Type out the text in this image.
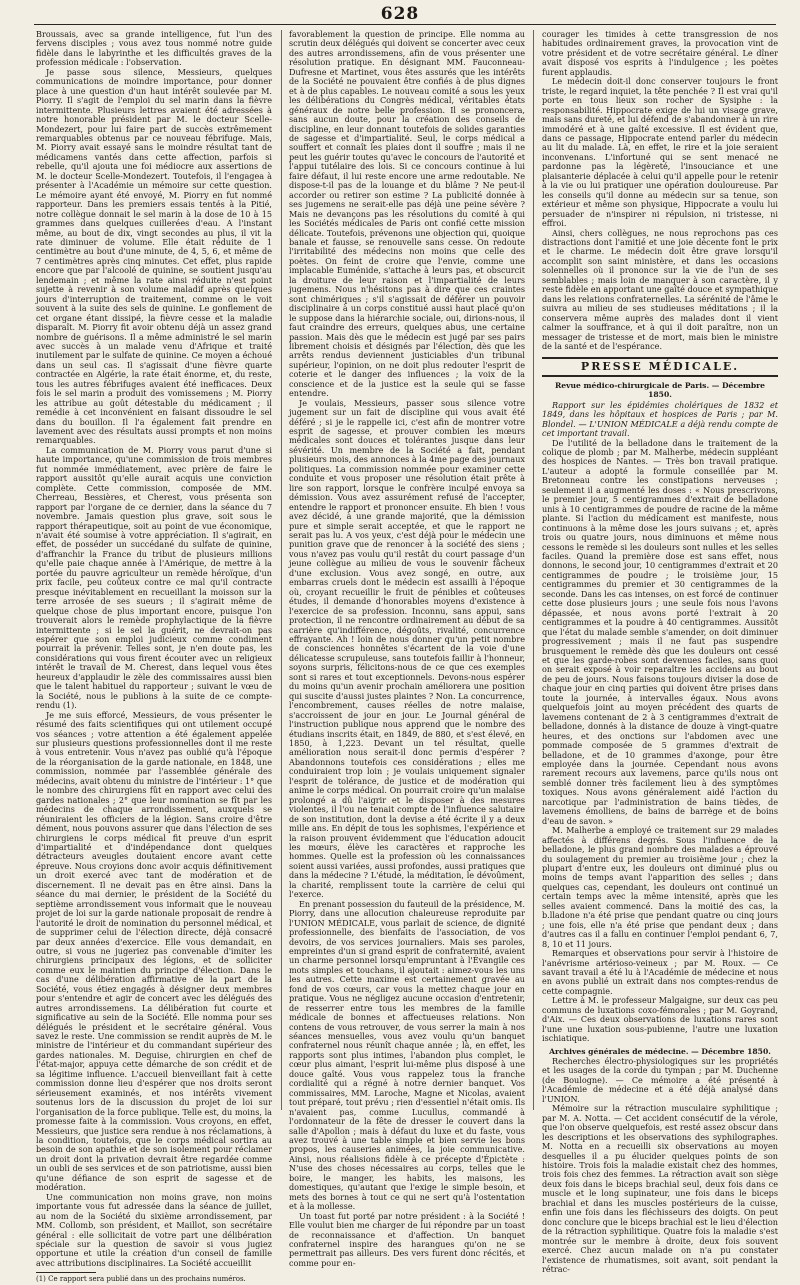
628

Broussais, avec sa grande intelligence, fut l'un des fervens disciples ; vous avez tous nommé notre guide fidèle dans le labyrinthe et les difficultés graves de la profession médicale : l'observation.

Je passe sous silence, Messieurs, quelques communications de moindre importance, pour donner place à une question d'un haut intérêt soulevée par M. Piorry. Il s'agit de l'emploi du sel marin dans la fièvre intermittente. Plusieurs lettres avaient été adressées à notre honorable président par M. le docteur Scelle-Mondezert, pour lui faire part de succès extrêmement remarquables obtenus par ce nouveau fébrifuge. Mais, M. Piorry avait essayé sans le moindre résultat tant de médicamens vantés dans cette affection, parfois si rebelle, qu'il ajouta une foi médiocre aux assertions de M. le docteur Scelle-Mondezert. Toutefois, il l'engagea à présenter à l'Académie un mémoire sur cette question. Le mémoire ayant été envoyé, M. Piorry en fut nommé rapporteur. Dans les premiers essais tentés à la Pitié, notre collègue donnait le sel marin à la dose de 10 à 15 grammes dans quelques cuillerées d'eau. A l'instant même, au bout de dix, vingt secondes au plus, il vit la rate diminuer de volume. Elle était réduite de 1 centimètre au bout d'une minute, de 4, 5, 6, et même de 7 centimètres après cinq minutes. Cet effet, plus rapide encore que par l'alcoolé de quinine, se soutient jusqu'au lendemain ; et même la rate ainsi réduite n'est point sujette à revenir à son volume maladif après quelques jours d'interruption de traitement, comme on le voit souvent à la suite des sels de quinine. Le gonflement de cet organe étant dissipé, la fièvre cesse et la maladie disparaît. M. Piorry fit avoir obtenu déjà un assez grand nombre de guérisons. Il a même administré le sel marin avec succès à un malade venu d'Afrique et traité inutilement par le sulfate de quinine. Ce moyen a échoué dans un seul cas. Il s'agissait d'une fièvre quarte contractée en Algérie, la rate était énorme, et, du reste, tous les autres fébrifuges avaient été inefficaces. Deux fois le sel marin a produit des vomissemens ; M. Piorry les attribue au goût détestable du médicament ; il remédie à cet inconvénient en faisant dissoudre le sel dans du bouillon. Il l'a également fait prendre en lavement avec des résultats aussi prompts et non moins remarquables.

La communication de M. Piorry vous parut d'une si haute importance, qu'une commission de trois membres fut nommée immédiatement, avec prière de faire le rapport aussitôt qu'elle aurait acquis une conviction complète. Cette commission, composée de MM. Cherreau, Bessières, et Cherest, vous présenta son rapport par l'organe de ce dernier, dans la séance du 7 novembre. Jamais question plus grave, soit sous le rapport thérapeutique, soit au point de vue économique, n'avait été soumise à votre appréciation. Il s'agirait, en effet, de posséder un succédané du sulfate de quinine, d'affranchir la France du tribut de plusieurs millions qu'elle paie chaque année à l'Amérique, de mettre à la portée du pauvre agriculteur un remède héroïque, d'un prix facile, peu coûteux contre ce mal qu'il contracte presque inévitablement en recueillant la moisson sur la terre arrosée de ses sueurs ; il s'agirait même de quelque chose de plus important encore, puisque l'on trouverait alors le remède prophylactique de la fièvre intermittente ; si le sel la guérit, ne devrait-on pas espérer que son emploi judicieux comme condiment pourrait la prévenir. Telles sont, je n'en doute pas, les considérations qui vous firent écouter avec un religieux intérêt le travail de M. Cherest, dans lequel vous êtes heureux d'applaudir le zèle des commissaires aussi bien que le talent habituel du rapporteur ; suivant le vœu de la Société, nous le publions à la suite de ce compte-rendu (1).

Je me suis efforcé, Messieurs, de vous présenter le résumé des faits scientifiques qui ont utilement occupé vos séances ; votre attention a été également appelée sur plusieurs questions professionnelles dont il me reste à vous entretenir. Vous n'avez pas oublié qu'à l'époque de la réorganisation de la garde nationale, en 1848, une commission, nommée par l'assemblée générale des médecins, avait obtenu du ministre de l'intérieur : 1° que le nombre des chirurgiens fût en rapport avec celui des gardes nationales ; 2° que leur nomination se fît par les médecins de chaque arrondissement, auxquels se réuniraient les officiers de la légion. Sans croire d'être dément, nous pouvons assurer que dans l'élection de ses chirurgiens le corps médical fit preuve d'un esprit d'impartialité et d'indépendance dont quelques détracteurs aveugles doutaient encore avant cette épreuve. Nous croyions donc avoir acquis définitivement un droit exercé avec tant de modération et de discernement. Il ne devait pas en être ainsi. Dans la séance du mai dernier, le président de la Société du septième arrondissement vous informait que le nouveau projet de loi sur la garde nationale proposait de rendre à l'autorité le droit de nomination du personnel médical, et de supprimer celui de l'élection directe, déjà consacré par deux années d'exercice. Elle vous demandait, en outre, si vous ne jugeriez pas convenable d'imiter les chirurgiens principaux des légions, et de solliciter comme eux le maintien du principe d'élection. Dans le cas d'une délibération affirmative de la part de la Société, vous étiez engagés à désigner deux membres pour s'entendre et agir de concert avec les délégués des autres arrondissemens. La délibération fut courte et significative au sein de la Société. Elle nomma pour ses délégués le président et le secrétaire général. Vous savez le reste. Une commission se rendit auprès de M. le ministre de l'intérieur et du commandant supérieur des gardes nationales. M. Deguise, chirurgien en chef de l'état-major, appuya cette démarche de son crédit et de sa légitime influence. L'accueil bienveillant fait à cette commission donne lieu d'espérer que nos droits seront sérieusement examinés, et nos intérêts vivement soutenus lors de la discussion du projet de loi sur l'organisation de la force publique. Telle est, du moins, la promesse faite à la commission. Vous croyons, en effet, Messieurs, que justice sera rendue à nos réclamations, à la condition, toutefois, que le corps médical sortira au besoin de son apathie et de son isolement pour réclamer un droit dont la privation devrait être regardée comme un oubli de ses services et de son patriotisme, aussi bien qu'une défiance de son esprit de sagesse et de modération.

Une communication non moins grave, non moins importante vous fut adressée dans la séance de juillet, au nom de la Société du sixième arrondissement, par MM. Collomb, son président, et Maillot, son secrétaire général : elle sollicitait de votre part une délibération spéciale sur la question de savoir si vous jugiez opportune et utile la création d'un conseil de famille avec attributions disciplinaires. La Société accueillit

(1) Ce rapport sera publié dans un des prochains numéros.

favorablement la question de principe. Elle nomma au scrutin deux délégués qui doivent se concerter avec ceux des autres arrondissemens, afin de vous présenter une résolution pratique. En désignant MM. Fauconneau-Dufresne et Martinet, vous êtes assurés que les intérêts de la Société ne pouvaient être confiés à de plus dignes et à de plus capables. Le nouveau comité a sous les yeux les délibérations du Congrès médical, véritables états généraux de notre belle profession. Il se prononcera, sans aucun doute, pour la création des conseils de discipline, en leur donnant toutefois de solides garanties de sagesse et d'impartialité. Seul, le corps médical a souffert et connaît les plaies dont il souffre ; mais il ne peut les guérir toutes qu'avec le concours de l'autorité et l'appui tutélaire des lois. Si ce concours continue à lui faire défaut, il lui reste encore une arme redoutable. Ne dispose-t-il pas de la louange et du blâme ? Ne peut-il accorder ou retirer son estime ? La publicité donnée à ses jugemens ne serait-elle pas déjà une peine sévère ? Mais ne devançons pas les résolutions du comité à qui les Sociétés médicales de Paris ont confié cette mission délicate. Toutefois, prévenons une objection qui, quoique banale et fausse, se renouvelle sans cesse. On redoute l'irritabilité des médecins non moins que celle des poètes. On feint de croire que l'envie, comme une implacable Euménide, s'attache à leurs pas, et obscurcit la droiture de leur raison et l'impartialité de leurs jugemens. Nous n'hésitons pas à dire que ces craintes sont chimériques ; s'il s'agissait de déférer un pouvoir disciplinaire à un corps constitué aussi haut placé qu'on le suppose dans la hiérarchie sociale, oui, dirions-nous, il faut craindre des erreurs, quelques abus, une certaine passion. Mais dès que le médecin est jugé par ses pairs librement choisis et désignés par l'élection, dès que les arrêts rendus deviennent justiciables d'un tribunal supérieur, l'opinion, on ne doit plus redouter l'esprit de coterie et le danger des influences ; la voix de la conscience et de la justice est la seule qui se fasse entendre.

Je voulais, Messieurs, passer sous silence votre jugement sur un fait de discipline qui vous avait été déféré ; si je le rappelle ici, c'est afin de montrer votre esprit de sagesse, et prouver combien les mœurs médicales sont douces et tolérantes jusque dans leur sévérité. Un membre de la Société a fait, pendant plusieurs mois, des annonces à la 4me page des journaux politiques. La commission nommée pour examiner cette conduite et vous proposer une résolution était prête à lire son rapport, lorsque le confrère inculpé envoya sa démission. Vous avez assurément refusé de l'accepter, entendre le rapport et prononcer ensuite. Eh bien ! vous avez décidé, à une grande majorité, que la démission pure et simple serait acceptée, et que le rapport ne serait pas lu. A vos yeux, c'est déjà pour le médecin une punition grave que de renoncer à la société des siens ; vous n'avez pas voulu qu'il restât du court passage d'un jeune collègue au milieu de vous le souvenir fâcheux d'une exclusion. Vous avez songé, en outre, aux embarras cruels dont le médecin est assailli à l'époque où, croyant recueillir le fruit de pénibles et coûteuses études, il demande d'honorables moyens d'existence à l'exercice de sa profession. Inconnu, sans appui, sans protection, il ne rencontre ordinairement au début de sa carrière qu'indifférence, dégoûts, rivalité, concurrence effrayante. Ah ! loin de nous donner qu'un petit nombre de consciences honnêtes s'écartent de la voie d'une délicatesse scrupuleuse, sans toutefois faillir à l'honneur, soyons surpris, félicitons-nous de ce que ces exemples sont si rares et tout exceptionnels. Devons-nous espérer du moins qu'un avenir prochain améliorera une position qui suscite d'aussi justes plaintes ? Non. La concurrence, l'encombrement, causes réelles de notre malaise, s'accroissent de jour en jour. Le Journal général de l'instruction publique nous apprend que le nombre des étudians inscrits était, en 1849, de 880, et s'est élevé, en 1850, à 1,223. Devant un tel résultat, quelle amélioration nous serait-il donc permis d'espérer ? Abandonnons toutefois ces considérations ; elles me conduiraient trop loin ; je voulais uniquement signaler l'esprit de tolérance, de justice et de modération qui anime le corps médical. On pourrait croire qu'un malaise prolongé a dû l'aigrir et le disposer à des mesures violentes, il l'ou ne tenait compte de l'influence salutaire de son institution, dont la devise a été écrite il y a deux mille ans. En dépit de tous les sophismes, l'expérience et la raison prouvent évidemment que l'éducation adoucit les mœurs, élève les caractères et rapproche les hommes. Quelle est la profession où les connaissances soient aussi variées, aussi profondes, aussi pratiques que dans la médecine ? L'étude, la méditation, le dévoûment, la charité, remplissent toute la carrière de celui qui l'exerce.

En prenant possession du fauteuil de la présidence, M. Piorry, dans une allocution chaleureuse reproduite par l'UNION MÉDICALE, vous parlait de science, de dignité professionnelle, des bienfaits de l'association, de vos devoirs, de vos services journaliers. Mais ses paroles, empreintes d'un si grand esprit de confraternité, avaient un charme personnel lorsqu'empruntant à l'Évangile ces mots simples et touchans, il ajoutait : aimez-vous les uns les autres. Cette maxime est certainement gravée au fond de vos cœurs, car vous la mettez chaque jour en pratique. Vous ne négligez aucune occasion d'entretenir, de resserrer entre tous les membres de la famille médicale de bonnes et affectueuses relations. Non contens de vous retrouver, de vous serrer la main à nos séances mensuelles, vous avez voulu qu'un banquet confraternel nous réunît chaque année ; là, en effet, les rapports sont plus intimes, l'abandon plus complet, le cœur plus aimant, l'esprit lui-même plus disposé à une douce gaîté. Vous vous rappelez tous la franche cordialité qui a régné à notre dernier banquet. Vos commissaires, MM. Laroche, Magne et Nicolas, avaient tout préparé, tout prévu ; rien d'essentiel n'était omis. Ils n'avaient pas, comme Lucullus, commandé à l'ordonnateur de la fête de dresser le couvert dans la salle d'Apollon ; mais à défaut du luxe et du faste, vous avez trouvé à une table simple et bien servie les bons propos, les causeries animées, la joie communicative. Ainsi, nous réalisions fidèle à ce précepte d'Épictète : N'use des choses nécessaires au corps, telles que le boire, le manger, les habits, les maisons, les domestiques, qu'autant que l'exige le simple besoin, et mets des bornes à tout ce qui ne sert qu'à l'ostentation et à la mollesse.

Un toast fut porté par notre président : à la Société ! Elle voulut bien me charger de lui répondre par un toast de reconnaissance et d'affection. Un banquet confraternel inspire des harangues qu'on ne se permettrait pas ailleurs. Des vers furent donc récités, et comme pour en-

courager les timides à cette transgression de nos habitudes ordinairement graves, la provocation vint de votre président et de votre secrétaire général. Le dîner avait disposé vos esprits à l'indulgence ; les poètes furent applaudis.

Le médecin doit-il donc conserver toujours le front triste, le regard inquiet, la tête penchée ? Il est vrai qu'il porte en tous lieux son rocher de Sysiphe : la responsabilité. Hippocrate exige de lui un visage grave, mais sans dureté, et lui défend de s'abandonner à un rire immodéré et à une gaîté excessive. Il est évident que, dans ce passage, Hippocrate entend parler du médecin au lit du malade. Là, en effet, le rire et la joie seraient inconvenans. L'infortuné qui se sent menacé ne pardonne pas la légèreté, l'insouciance et une plaisanterie déplacée à celui qu'il appelle pour le retenir à la vie ou lui pratiquer une opération douloureuse. Par les conseils qu'il donne au médecin sur sa tenue, son extérieur et même son physique, Hippocrate a voulu lui persuader de n'inspirer ni répulsion, ni tristesse, ni effroi.

Ainsi, chers collègues, ne nous reprochons pas ces distractions dont l'amitié et une joie décente font le prix et le charme. Le médecin doit être grave lorsqu'il accomplit son saint ministère, et dans les occasions solennelles où il prononce sur la vie de l'un de ses semblables ; mais loin de manquer à son caractère, il y reste fidèle en apportant une gaîté douce et sympathique dans les relations confraternelles. La sérénité de l'âme le suivra au milieu de ses studieuses méditations ; il la conservera même auprès des malades dont il vient calmer la souffrance, et à qui il doit paraître, non un messager de tristesse et de mort, mais bien le ministre de la santé et de l'espérance.

PRESSE MÉDICALE.

Revue médico-chirurgicale de Paris. — Décembre 1850.

Rapport sur les épidémies cholériques de 1832 et 1849, dans les hôpitaux et hospices de Paris ; par M. Blondel. — L'UNION MÉDICALE a déjà rendu compte de cet important travail.

De l'utilité de la belladone dans le traitement de la colique de plomb ; par M. Malherbe, médecin suppléant des hospices de Nantes. — Très bon travail pratique. L'auteur a adopté la formule conseillée par M. Bretonneau contre les constipations nerveuses ; seulement il a augmenté les doses : « Nous prescrivons, le premier jour, 5 centigrammes d'extrait de belladone unis à 10 centigrammes de poudre de racine de la même plante. Si l'action du médicament est manifeste, nous continuons à la même dose les jours suivans ; et, après trois ou quatre jours, nous diminuons et même nous cessons le remède si les douleurs sont nulles et les selles faciles. Quand la première dose est sans effet, nous donnons, le second jour, 10 centigrammes d'extrait et 20 centigrammes de poudre ; le troisième jour, 15 centigrammes du premier et 30 centigrammes de la seconde. Dans les cas intenses, on est forcé de continuer cette dose plusieurs jours ; une seule fois nous l'avons dépassée, et nous avons porté l'extrait à 20 centigrammes et la poudre à 40 centigrammes. Aussitôt que l'état du malade semble s'amender, on doit diminuer progressivement ; mais il ne faut pas suspendre brusquement le remède dès que les douleurs ont cessé et que les garde-robes sont devenues faciles, sans quoi on serait exposé à voir reparaître les accidens au bout de peu de jours. Nous faisons toujours diviser la dose de chaque jour en cinq parties qui doivent être prises dans toute la journée, à intervalles égaux. Nous avons quelquefois joint au moyen précédent des quarts de lavemens contenant de 2 à 3 centigrammes d'extrait de belladone, donnés à la distance de douze à vingt-quatre heures, et des onctions sur l'abdomen avec une pommade composée de 5 grammes d'extrait de belladone, et de 10 grammes d'axonge, pour être employée dans la journée. Cependant nous avons rarement recours aux lavemens, parce qu'ils nous ont semblé donner très facilement lieu à des symptômes toxiques. Nous avons généralement aidé l'action du narcotique par l'administration de bains tièdes, de lavemens émolliens, de bains de barrège et de boins d'eau de savon. »

M. Malherbe a employé ce traitement sur 29 malades affectés à différens degrés. Sous l'influence de la belladone, le plus grand nombre des malades a éprouvé du soulagement du premier au troisième jour ; chez la plupart d'entre eux, les douleurs ont diminué plus ou moins de temps avant l'apparition des selles ; dans quelques cas, cependant, les douleurs ont continué un certain temps avec la même intensité, après que les selles avaient commencé. Dans la moitié des cas, la b.lladone n'a été prise que pendant quatre ou cinq jours ; une fois, elle n'a été prise que pendant deux ; dans d'autres cas il a fallu en continuer l'emploi pendant 6, 7, 8, 10 et 11 jours.

Remarques et observations pour servir à l'histoire de l'anévrisme artérioso-veineux ; par M. Roux. — Ce savant travail a été lu à l'Académie de médecine et nous en avons publié un extrait dans nos comptes-rendus de cette compagnie.

Lettre à M. le professeur Malgaigne, sur deux cas peu communs de luxations coxo-fémorales ; par M. Goyrand, d'Aix. — Ces deux observations de luxations rares sont l'une une luxation sous-pubienne, l'autre une luxation ischiatique.

Archives générales de médecine. — Décembre 1850.

Recherches électro-physiologiques sur les propriétés et les usages de la corde du tympan ; par M. Duchenne (de Boulogne). — Ce mémoire a été présenté à l'Académie de médecine et a été déjà analysé dans l'UNION.

Mémoire sur la rétraction musculaire syphilitique ; par M. A. Notta. — Cet accident consécutif de la vérole, que l'on observe quelquefois, est resté assez obscur dans les descriptions et les observations des syphilographes. M. Notta en a recueilli six observations au moyen desquelles il a pu élucider quelques points de son histoire. Trois fois la maladie existait chez des hommes, trois fois chez des femmes. La rétraction avait son siège deux fois dans le biceps brachial seul, deux fois dans ce muscle et le long supinateur, une fois dans le biceps brachial et dans les muscles postérieurs de la cuisse, enfin une fois dans les fléchisseurs des doigts. On peut donc conclure que le biceps brachial est le lieu d'élection de la rétraction syphilitique. Quatre fois la maladie s'est montrée sur le membre à droite, deux fois souvent exercé. Chez aucun malade on n'a pu constater l'existence de rhumatismes, soit avant, soit pendant la rétrac-
